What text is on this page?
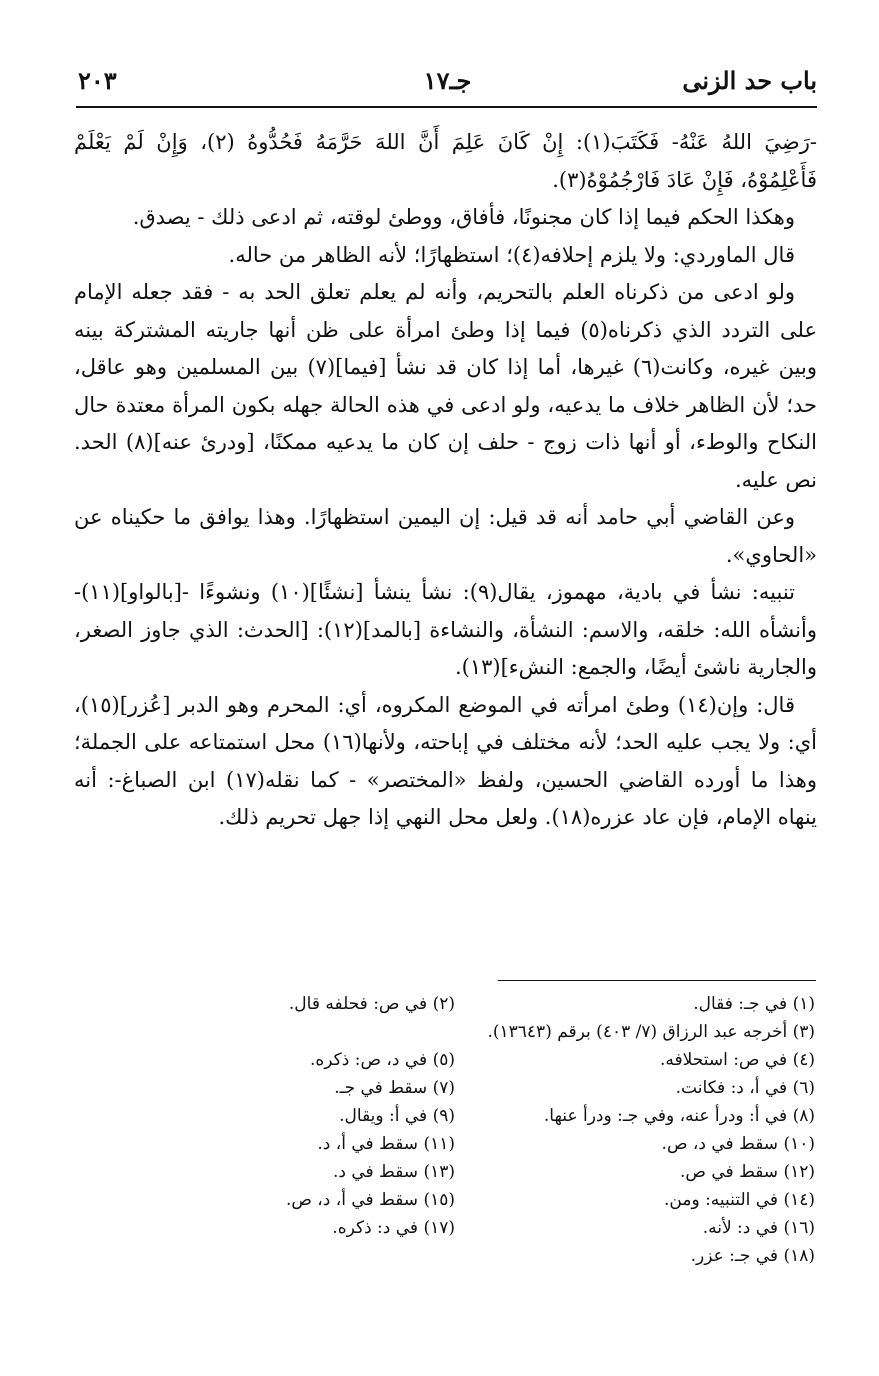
٢٠٣	جـ١٧	باب حد الزنى

-رَضِيَ اللهُ عَنْهُ- فَكَتَبَ(١): إِنْ كَانَ عَلِمَ أَنَّ اللهَ حَرَّمَهُ فَحُدُّوهُ (٢)، وَإِنْ لَمْ يَعْلَمْ فَأَعْلِمُوْهُ، فَإِنْ عَادَ فَارْجُمُوْهُ(٣).

وهكذا الحكم فيما إذا كان مجنونًا، فأفاق، ووطئ لوقته، ثم ادعى ذلك - يصدق.

قال الماوردي: ولا يلزم إحلافه(٤)؛ استظهارًا؛ لأنه الظاهر من حاله.

ولو ادعى من ذكرناه العلم بالتحريم، وأنه لم يعلم تعلق الحد به - فقد جعله الإمام على التردد الذي ذكرناه(٥) فيما إذا وطئ امرأة على ظن أنها جاريته المشتركة بينه وبين غيره، وكانت(٦) غيرها، أما إذا كان قد نشأ [فيما](٧) بين المسلمين وهو عاقل، حد؛ لأن الظاهر خلاف ما يدعيه، ولو ادعى في هذه الحالة جهله بكون المرأة معتدة حال النكاح والوطء، أو أنها ذات زوج - حلف إن كان ما يدعيه ممكنًا، [ودرئ عنه](٨) الحد. نص عليه.

وعن القاضي أبي حامد أنه قد قيل: إن اليمين استظهارًا. وهذا يوافق ما حكيناه عن «الحاوي».

تنبيه: نشأ في بادية، مهموز، يقال(٩): نشأ ينشأ [نشئًا](١٠) ونشوءًا -[بالواو](١١)- وأنشأه الله: خلقه، والاسم: النشأة، والنشاءة [بالمد](١٢): [الحدث: الذي جاوز الصغر، والجارية ناشئ أيضًا، والجمع: النشء](١٣).

قال: وإن(١٤) وطئ امرأته في الموضع المكروه، أي: المحرم وهو الدبر [عُزر](١٥)، أي: ولا يجب عليه الحد؛ لأنه مختلف في إباحته، ولأنها(١٦) محل استمتاعه على الجملة؛ وهذا ما أورده القاضي الحسين، ولفظ «المختصر» - كما نقله(١٧) ابن الصباغ-: أنه ينهاه الإمام، فإن عاد عزره(١٨). ولعل محل النهي إذا جهل تحريم ذلك.

(١) في جـ: فقال.
(٢) في ص: فحلفه قال.
(٣) أخرجه عبد الرزاق (٧/ ٤٠٣) برقم (١٣٦٤٣).
(٤) في ص: استحلافه.
(٥) في د، ص: ذكره.
(٦) في أ، د: فكانت.
(٧) سقط في جـ.
(٨) في أ: ودرأ عنه، وفي جـ: ودرأ عنها.
(٩) في أ: ويقال.
(١٠) سقط في د، ص.
(١١) سقط في أ، د.
(١٢) سقط في ص.
(١٣) سقط في د.
(١٤) في التنبيه: ومن.
(١٥) سقط في أ، د، ص.
(١٦) في د: لأنه.
(١٧) في د: ذكره.
(١٨) في جـ: عزر.
